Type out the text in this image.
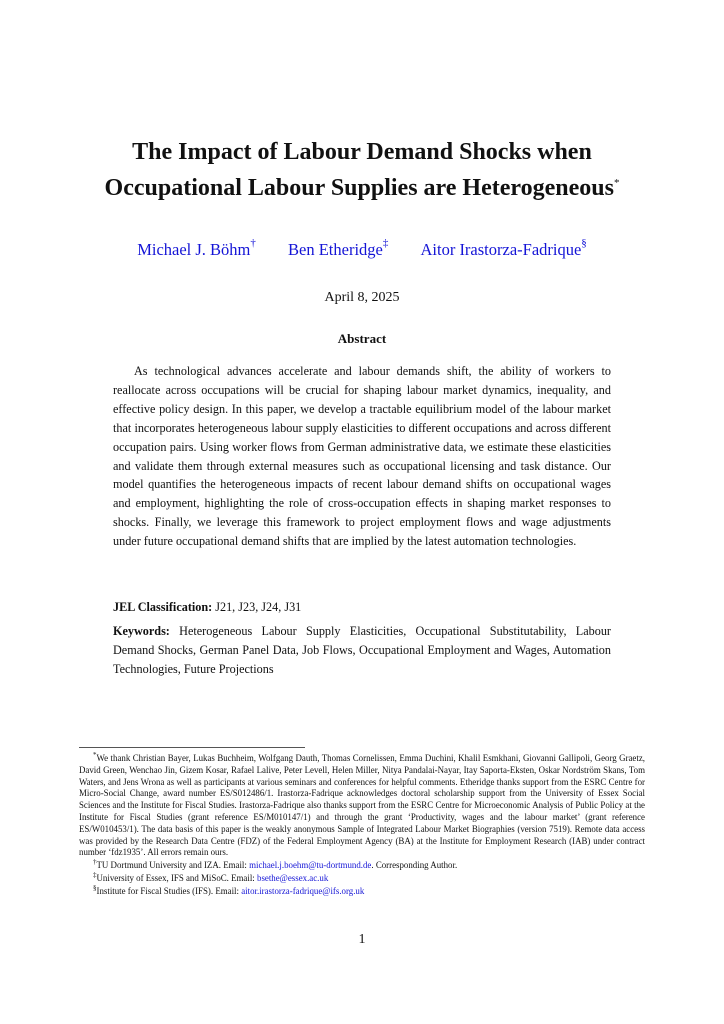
The Impact of Labour Demand Shocks when
Occupational Labour Supplies are Heterogeneous*
Michael J. Böhm† Ben Etheridge‡ Aitor Irastorza-Fadrique§
April 8, 2025
Abstract

As technological advances accelerate and labour demands shift, the ability of workers to reallocate across occupations will be crucial for shaping labour market dynamics, inequality, and effective policy design. In this paper, we develop a tractable equilibrium model of the labour market that incorporates heterogeneous labour supply elasticities to different occupations and across different occupation pairs. Using worker flows from German administrative data, we estimate these elasticities and validate them through external measures such as occupational licensing and task distance. Our model quantifies the heterogeneous impacts of recent labour demand shifts on occupational wages and employment, highlighting the role of cross-occupation effects in shaping market responses to shocks. Finally, we leverage this framework to project employment flows and wage adjustments under future occupational demand shifts that are implied by the latest automation technologies.

JEL Classification: J21, J23, J24, J31

Keywords: Heterogeneous Labour Supply Elasticities, Occupational Substitutability, Labour Demand Shocks, German Panel Data, Job Flows, Occupational Employment and Wages, Automation Technologies, Future Projections

*We thank Christian Bayer, Lukas Buchheim, Wolfgang Dauth, Thomas Cornelissen, Emma Duchini, Khalil Esmkhani, Giovanni Gallipoli, Georg Graetz, David Green, Wenchao Jin, Gizem Kosar, Rafael Lalive, Peter Levell, Helen Miller, Nitya Pandalai-Nayar, Itay Saporta-Eksten, Oskar Nordström Skans, Tom Waters, and Jens Wrona as well as participants at various seminars and conferences for helpful comments. Etheridge thanks support from the ESRC Centre for Micro-Social Change, award number ES/S012486/1. Irastorza-Fadrique acknowledges doctoral scholarship support from the University of Essex Social Sciences and the Institute for Fiscal Studies. Irastorza-Fadrique also thanks support from the ESRC Centre for Microeconomic Analysis of Public Policy at the Institute for Fiscal Studies (grant reference ES/M010147/1) and through the grant ‘Productivity, wages and the labour market’ (grant reference ES/W010453/1). The data basis of this paper is the weakly anonymous Sample of Integrated Labour Market Biographies (version 7519). Remote data access was provided by the Research Data Centre (FDZ) of the Federal Employment Agency (BA) at the Institute for Employment Research (IAB) under contract number ‘fdz1935’. All errors remain ours.

†TU Dortmund University and IZA. Email: michael.j.boehm@tu-dortmund.de. Corresponding Author.

‡University of Essex, IFS and MiSoC. Email: bsethe@essex.ac.uk

§Institute for Fiscal Studies (IFS). Email: aitor.irastorza-fadrique@ifs.org.uk

1
